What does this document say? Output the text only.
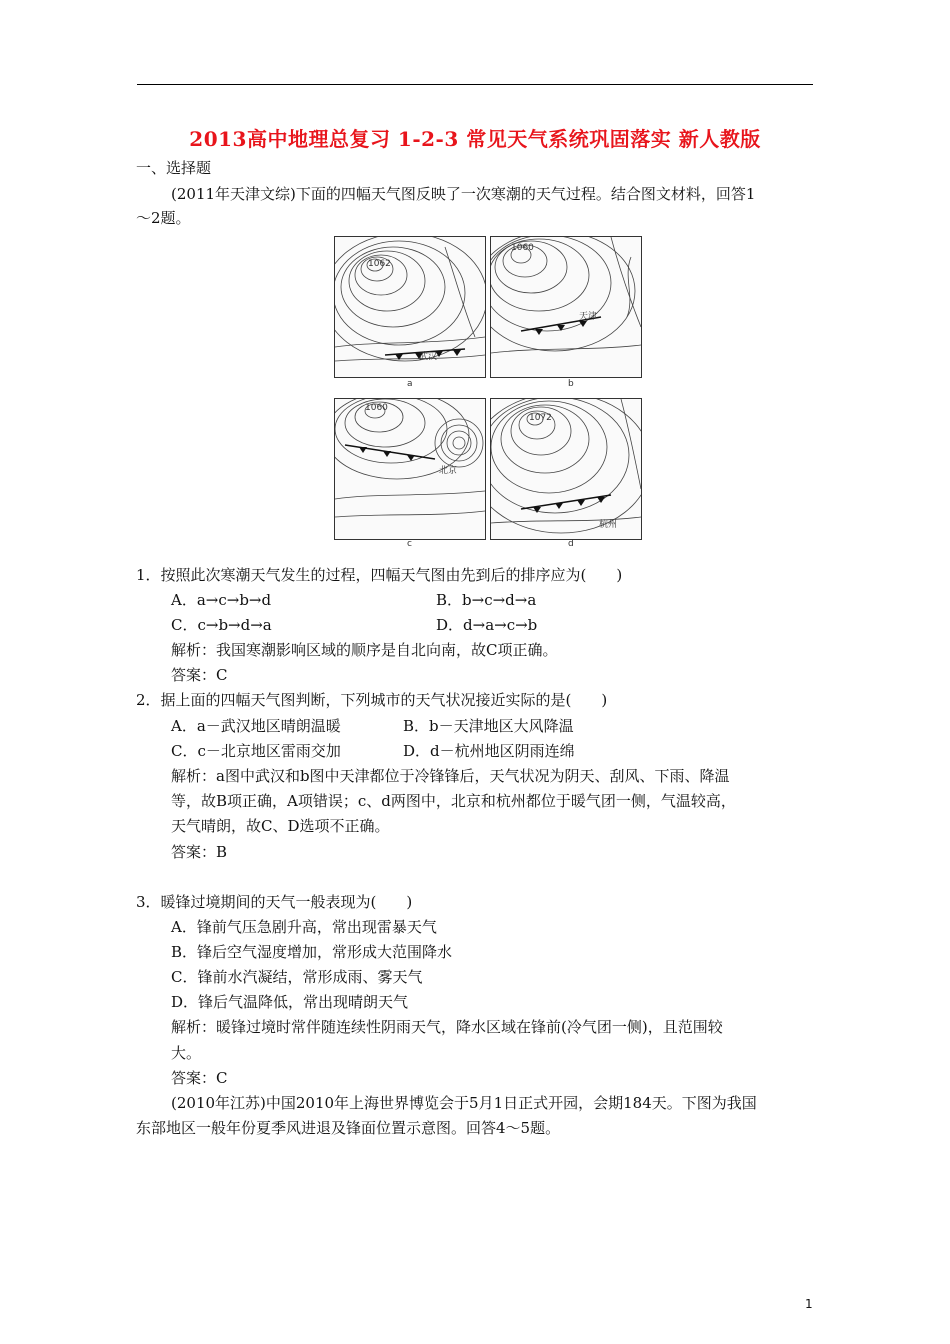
2013高中地理总复习 1-2-3 常见天气系统巩固落实 新人教版
一、选择题
(2011年天津文综)下面的四幅天气图反映了一次寒潮的天气过程。结合图文材料，回答1
～2题。
1062
武汉
a
1060
天津
b
1060
北京
c
1072
杭州
d
1．按照此次寒潮天气发生的过程，四幅天气图由先到后的排序应为(　　)
A．a→c→b→d	B．b→c→d→a
C．c→b→d→a	D．d→a→c→b
解析：我国寒潮影响区域的顺序是自北向南，故C项正确。
答案：C
2．据上面的四幅天气图判断，下列城市的天气状况接近实际的是(　　)
A．a－武汉地区晴朗温暖	B．b－天津地区大风降温
C．c－北京地区雷雨交加	D．d－杭州地区阴雨连绵
解析：a图中武汉和b图中天津都位于冷锋锋后，天气状况为阴天、刮风、下雨、降温
等，故B项正确，A项错误；c、d两图中，北京和杭州都位于暖气团一侧，气温较高，
天气晴朗，故C、D选项不正确。
答案：B
3．暖锋过境期间的天气一般表现为(　　)
A．锋前气压急剧升高，常出现雷暴天气
B．锋后空气湿度增加，常形成大范围降水
C．锋前水汽凝结，常形成雨、雾天气
D．锋后气温降低，常出现晴朗天气
解析：暖锋过境时常伴随连续性阴雨天气，降水区域在锋前(冷气团一侧)，且范围较
大。
答案：C
(2010年江苏)中国2010年上海世界博览会于5月1日正式开园，会期184天。下图为我国
东部地区一般年份夏季风进退及锋面位置示意图。回答4～5题。
1
